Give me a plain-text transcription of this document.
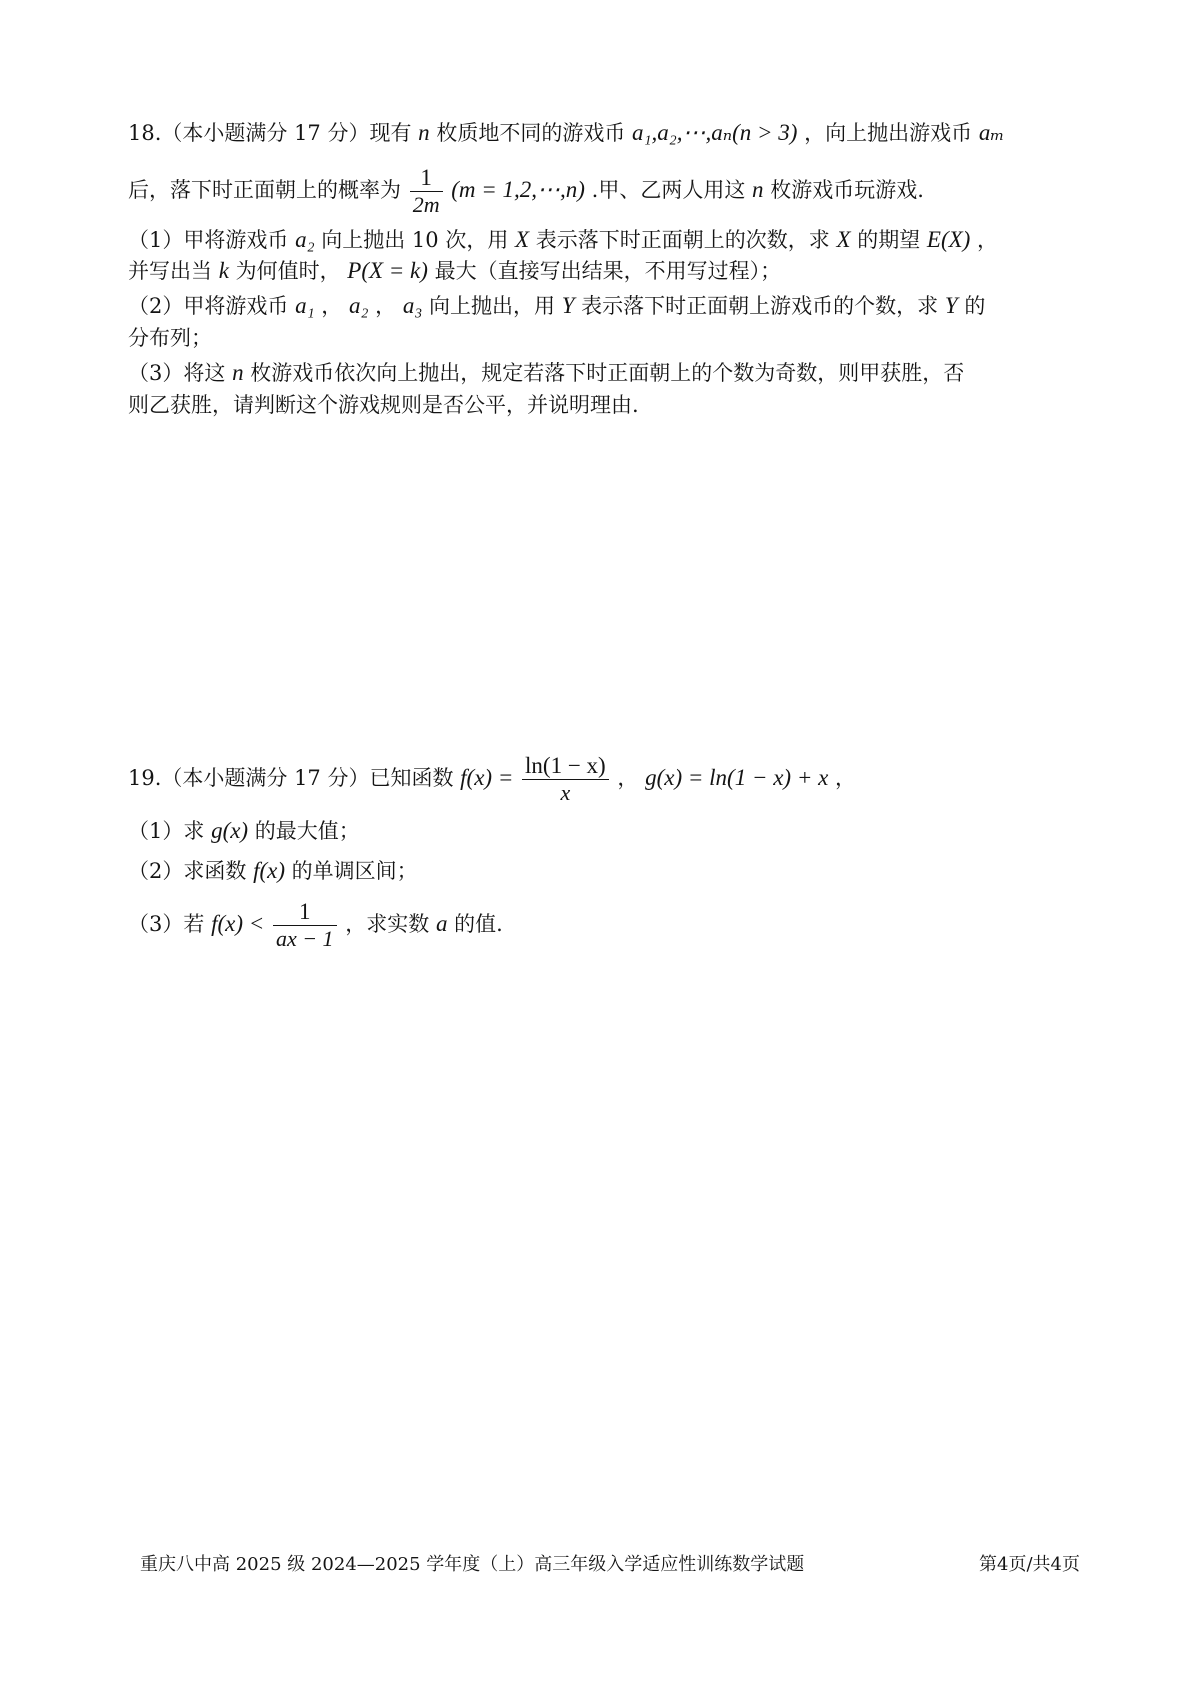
18.（本小题满分 17 分）现有 n 枚质地不同的游戏币 a₁,a₂,⋯,aₙ(n > 3) ，向上抛出游戏币 aₘ
后，落下时正面朝上的概率为 $\frac{1}{2m} (m$ = 1,2,⋯,n) .甲、乙两人用这 n 枚游戏币玩游戏.
（1）甲将游戏币 a₂ 向上抛出 10 次，用 X 表示落下时正面朝上的次数，求 X 的期望 E(X) ，
并写出当 k 为何值时， P(X = k) 最大（直接写出结果，不用写过程）；
（2）甲将游戏币 a₁ ， a₂ ， a₃ 向上抛出，用 Y 表示落下时正面朝上游戏币的个数，求 Y 的
分布列；
（3）将这 n 枚游戏币依次向上抛出，规定若落下时正面朝上的个数为奇数，则甲获胜，否
则乙获胜，请判断这个游戏规则是否公平，并说明理由.
19.（本小题满分 17 分）已知函数 $f(x) = \frac{\ln(1 - x)}{x}$ ， g(x) = ln(1 − x) + x ，
（1）求 g(x) 的最大值；
（2）求函数 f(x) 的单调区间；
（3）若 $f(x) < \frac{1}{ax - 1}$ ，求实数 a 的值.
重庆八中高 2025 级 2024—2025 学年度（上）高三年级入学适应性训练数学试题	第4页/共4页
